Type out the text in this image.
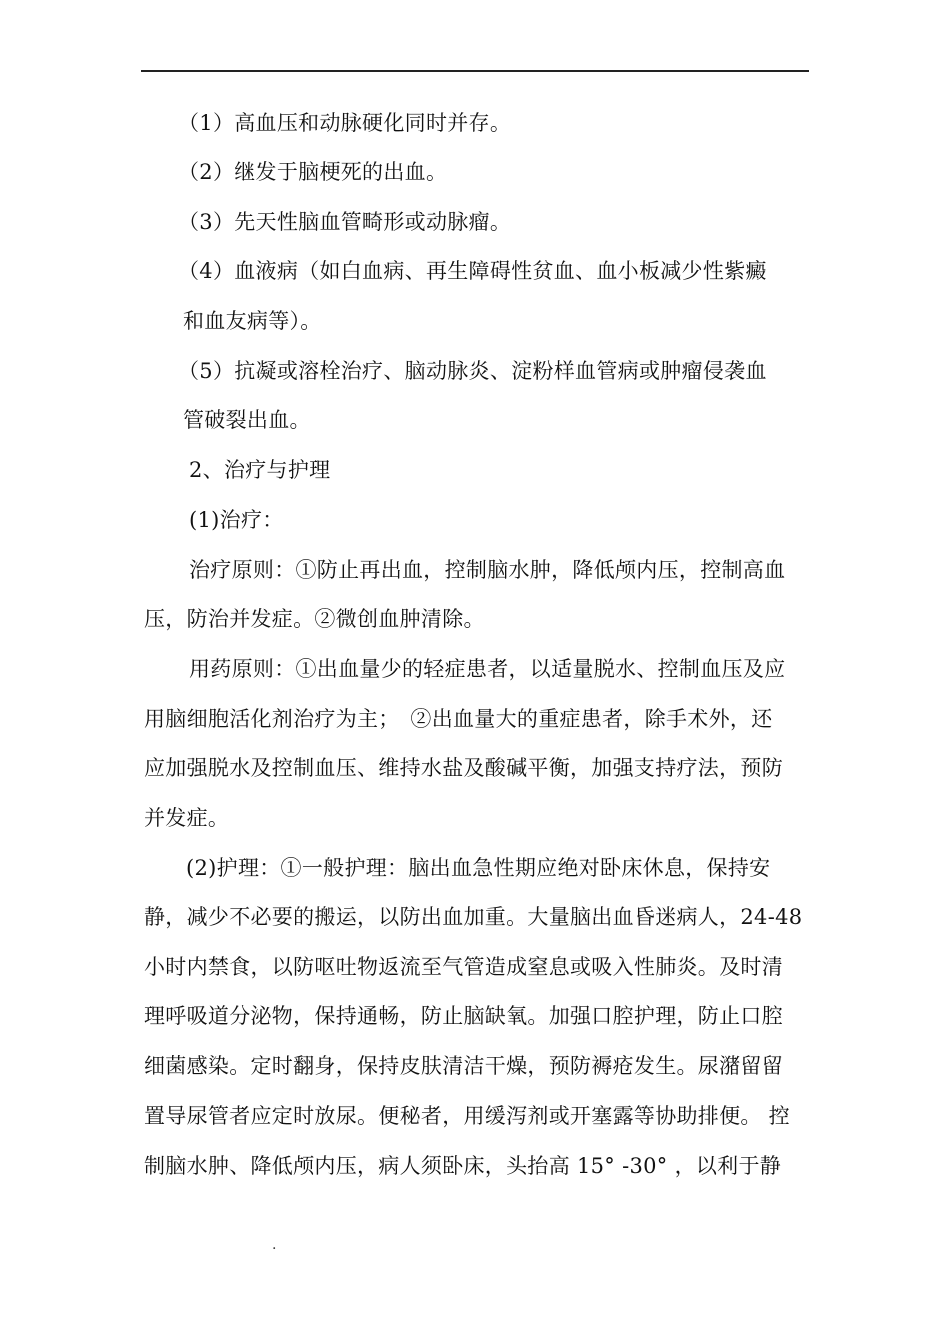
（1）高血压和动脉硬化同时并存。
（2）继发于脑梗死的出血。
（3）先天性脑血管畸形或动脉瘤。
（4）血液病（如白血病、再生障碍性贫血、血小板减少性紫癜
和血友病等）。
（5）抗凝或溶栓治疗、脑动脉炎、淀粉样血管病或肿瘤侵袭血
管破裂出血。
2、治疗与护理
(1)治疗：
治疗原则：①防止再出血，控制脑水肿，降低颅内压，控制高血
压，防治并发症。②微创血肿清除。
用药原则：①出血量少的轻症患者，以适量脱水、控制血压及应
用脑细胞活化剂治疗为主；　②出血量大的重症患者，除手术外，还
应加强脱水及控制血压、维持水盐及酸碱平衡，加强支持疗法，预防
并发症。
(2)护理：①一般护理：脑出血急性期应绝对卧床休息，保持安
静，减少不必要的搬运，以防出血加重。大量脑出血昏迷病人，24-48
小时内禁食，以防呕吐物返流至气管造成窒息或吸入性肺炎。及时清
理呼吸道分泌物，保持通畅，防止脑缺氧。加强口腔护理，防止口腔
细菌感染。定时翻身，保持皮肤清洁干燥，预防褥疮发生。尿潴留留
置导尿管者应定时放尿。便秘者，用缓泻剂或开塞露等协助排便。 控
制脑水肿、降低颅内压，病人须卧床，头抬高 15° -30° ，以利于静
.
